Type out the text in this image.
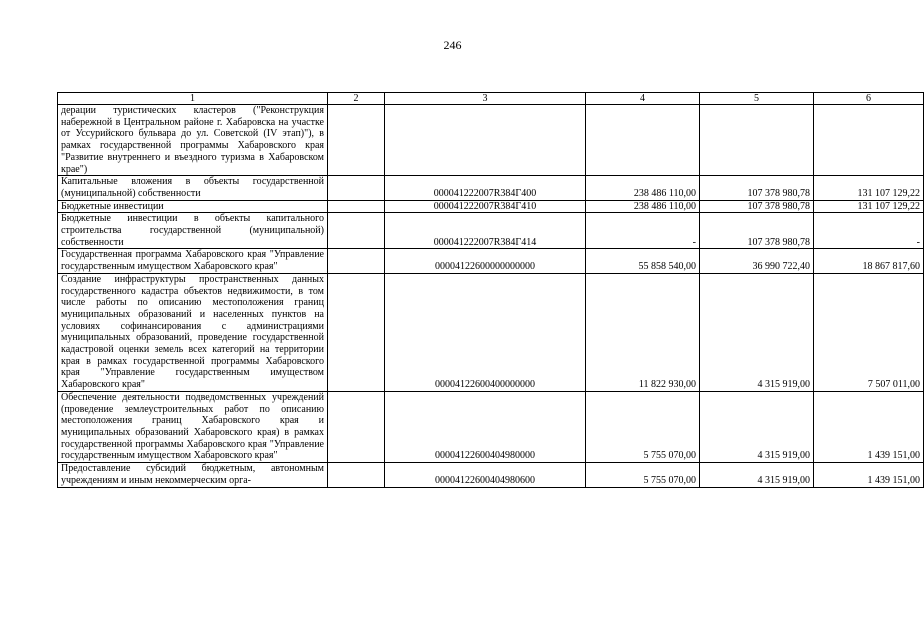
246
1	2	3	4	5	6
дерации туристических кластеров ("Реконструкция набережной в Центральном районе г. Хабаровска на участке от Уссурийского бульвара до ул. Советской (IV этап)"), в рамках государственной программы Хабаровского края "Развитие внутреннего и въездного туризма в Хабаровском крае")					
Капитальные вложения в объекты государственной (муниципальной) собственности		000041222007R384Г400	238 486 110,00	107 378 980,78	131 107 129,22
Бюджетные инвестиции		000041222007R384Г410	238 486 110,00	107 378 980,78	131 107 129,22
Бюджетные инвестиции в объекты капитального строительства государственной (муниципальной) собственности		000041222007R384Г414	-	107 378 980,78	-
Государственная программа Хабаровского края "Управление государственным имуществом Хабаровского края"		00004122600000000000	55 858 540,00	36 990 722,40	18 867 817,60
Создание инфраструктуры пространственных данных государственного кадастра объектов недвижимости, в том числе работы по описанию местоположения границ муниципальных образований и населенных пунктов на условиях софинансирования с администрациями муниципальных образований, проведение государственной кадастровой оценки земель всех категорий на территории края в рамках государственной программы Хабаровского края "Управление государственным имуществом Хабаровского края"		00004122600400000000	11 822 930,00	4 315 919,00	7 507 011,00
Обеспечение деятельности подведомственных учреждений (проведение землеустроительных работ по описанию местоположения границ Хабаровского края и муниципальных образований Хабаровского края) в рамках государственной программы Хабаровского края "Управление государственным имуществом Хабаровского края"		00004122600404980000	5 755 070,00	4 315 919,00	1 439 151,00
Предоставление субсидий бюджетным, автономным учреждениям и иным некоммерческим орга-		00004122600404980600	5 755 070,00	4 315 919,00	1 439 151,00
